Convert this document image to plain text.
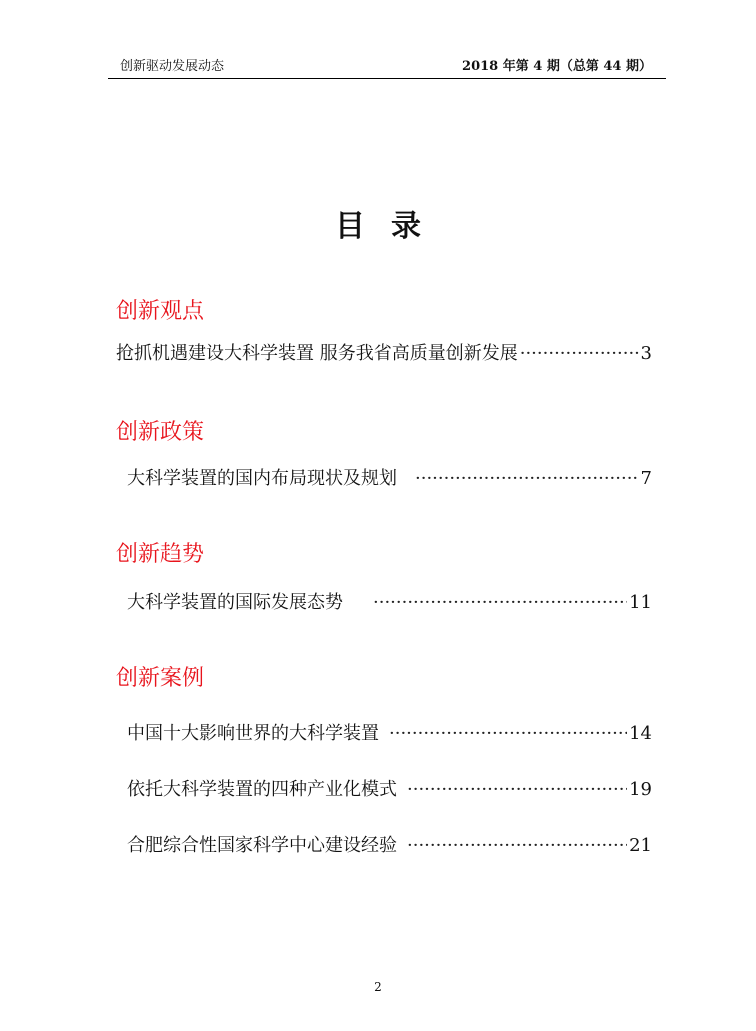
创新驱动发展动态	2018 年第 4 期（总第 44 期）
目录
创新观点
抢抓机遇建设大科学装置 服务我省高质量创新发展 ·····	3
创新政策
大科学装置的国内布局现状及规划 ·····	7
创新趋势
大科学装置的国际发展态势 ·····	11
创新案例
中国十大影响世界的大科学装置 ·····	14
依托大科学装置的四种产业化模式 ·····	19
合肥综合性国家科学中心建设经验 ·····	21
2
